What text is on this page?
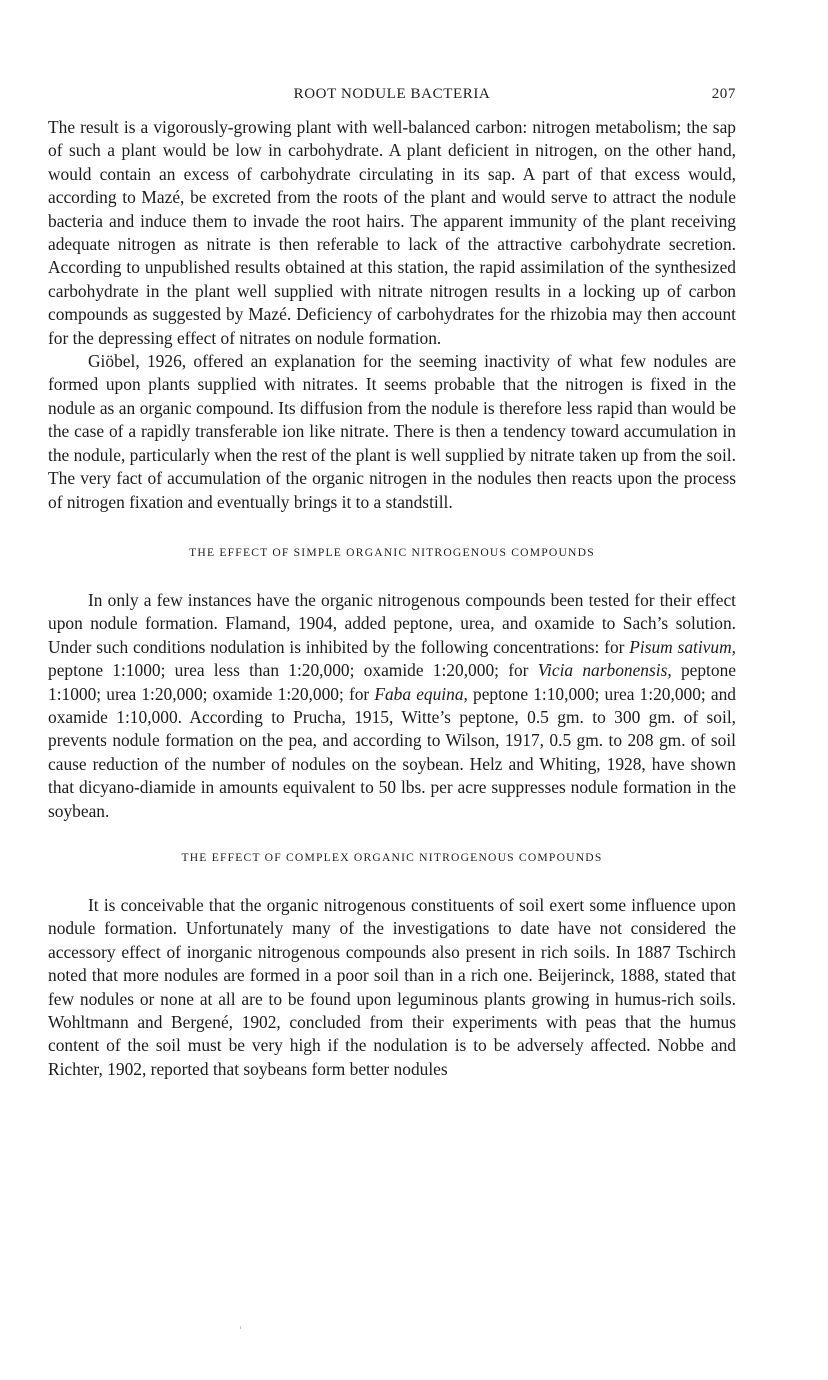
ROOT NODULE BACTERIA	207

The result is a vigorously-growing plant with well-balanced carbon: nitrogen metabolism; the sap of such a plant would be low in carbohydrate. A plant deficient in nitrogen, on the other hand, would contain an excess of carbohydrate circulating in its sap. A part of that excess would, according to Mazé, be excreted from the roots of the plant and would serve to attract the nodule bacteria and induce them to invade the root hairs. The apparent immunity of the plant receiving adequate nitrogen as nitrate is then referable to lack of the attractive carbohydrate secretion. According to unpublished results obtained at this station, the rapid assimilation of the synthesized carbohydrate in the plant well supplied with nitrate nitrogen results in a locking up of carbon compounds as suggested by Mazé. Deficiency of carbohydrates for the rhizobia may then account for the depressing effect of nitrates on nodule formation.

Giöbel, 1926, offered an explanation for the seeming inactivity of what few nodules are formed upon plants supplied with nitrates. It seems probable that the nitrogen is fixed in the nodule as an organic compound. Its diffusion from the nodule is therefore less rapid than would be the case of a rapidly transferable ion like nitrate. There is then a tendency toward accumulation in the nodule, particularly when the rest of the plant is well supplied by nitrate taken up from the soil. The very fact of accumulation of the organic nitrogen in the nodules then reacts upon the process of nitrogen fixation and eventually brings it to a standstill.

THE EFFECT OF SIMPLE ORGANIC NITROGENOUS COMPOUNDS

In only a few instances have the organic nitrogenous compounds been tested for their effect upon nodule formation. Flamand, 1904, added peptone, urea, and oxamide to Sach’s solution. Under such conditions nodulation is inhibited by the following concentrations: for Pisum sativum, peptone 1:1000; urea less than 1:20,000; oxamide 1:20,000; for Vicia narbonensis, peptone 1:1000; urea 1:20,000; oxamide 1:20,000; for Faba equina, peptone 1:10,000; urea 1:20,000; and oxamide 1:10,000. According to Prucha, 1915, Witte’s peptone, 0.5 gm. to 300 gm. of soil, prevents nodule formation on the pea, and according to Wilson, 1917, 0.5 gm. to 208 gm. of soil cause reduction of the number of nodules on the soybean. Helz and Whiting, 1928, have shown that dicyano-diamide in amounts equivalent to 50 lbs. per acre suppresses nodule formation in the soybean.

THE EFFECT OF COMPLEX ORGANIC NITROGENOUS COMPOUNDS

It is conceivable that the organic nitrogenous constituents of soil exert some influence upon nodule formation. Unfortunately many of the investigations to date have not considered the accessory effect of inorganic nitrogenous compounds also present in rich soils. In 1887 Tschirch noted that more nodules are formed in a poor soil than in a rich one. Beijerinck, 1888, stated that few nodules or none at all are to be found upon leguminous plants growing in humus-rich soils. Wohltmann and Bergené, 1902, concluded from their experiments with peas that the humus content of the soil must be very high if the nodulation is to be adversely affected. Nobbe and Richter, 1902, reported that soybeans form better nodules
